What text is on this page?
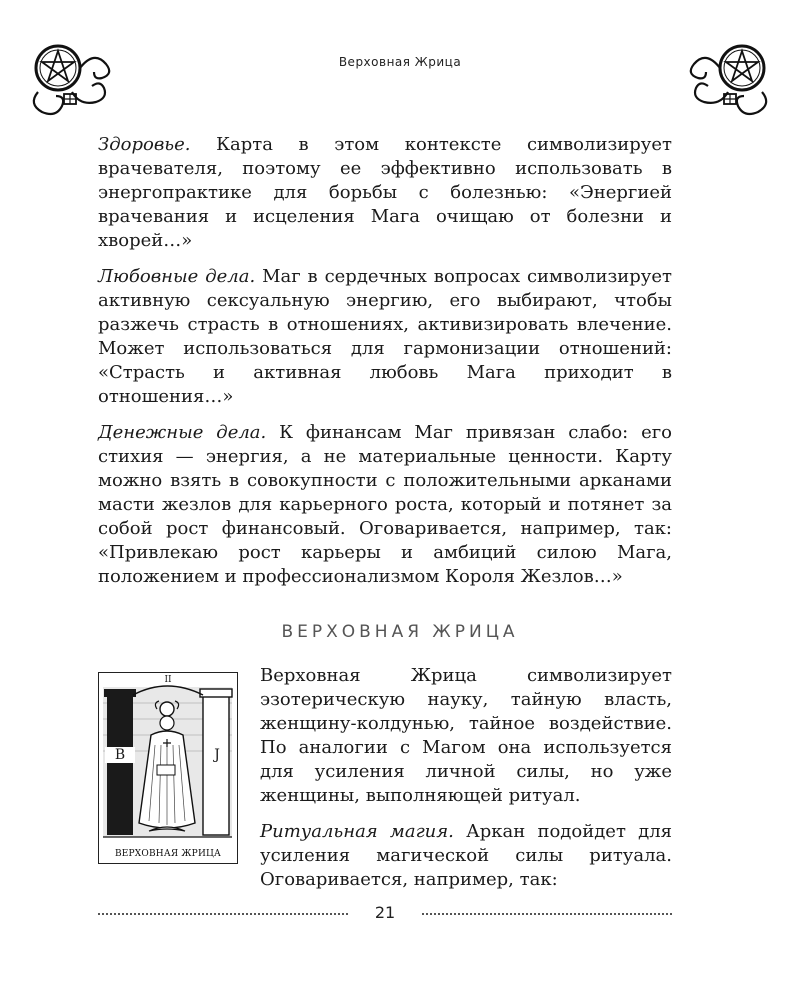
Верховная Жрица

Здоровье. Карта в этом контексте символизирует врачевателя, поэтому ее эффективно использовать в энергопрактике для борьбы с болезнью: «Энергией врачевания и исцеления Мага очищаю от болезни и хворей…»

Любовные дела. Маг в сердечных вопросах символизирует активную сексуальную энергию, его выбирают, чтобы разжечь страсть в отношениях, активизировать влечение. Может использоваться для гармонизации отношений: «Страсть и активная любовь Мага приходит в отношения…»

Денежные дела. К финансам Маг привязан слабо: его стихия — энергия, а не материальные ценности. Карту можно взять в совокупности с положительными арканами масти жезлов для карьерного роста, который и потянет за собой рост финансовый. Оговаривается, например, так: «Привлекаю рост карьеры и амбиций силою Мага, положением и профессионализмом Короля Жезлов…»

ВЕРХОВНАЯ ЖРИЦА
II
B	J
ВЕРХОВНАЯ ЖРИЦА

Верховная Жрица символизирует эзотерическую науку, тайную власть, женщину-колдунью, тайное воздействие. По аналогии с Магом она используется для усиления личной силы, но уже женщины, выполняющей ритуал.

Ритуальная магия. Аркан подойдет для усиления магической силы ритуала. Оговаривается, например, так:

21
